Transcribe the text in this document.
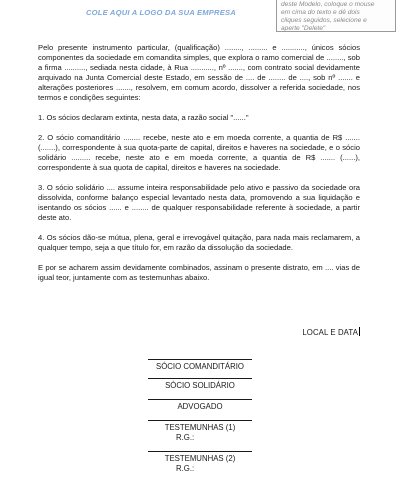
COLE AQUI A LOGO DA SUA EMPRESA
deste Modelo, coloque o mouse
em cima do texto e dê dois
cliques seguidos, selecione e
aperte "Delete"

Pelo presente instrumento particular, (qualificação) ........, ......... e ..........., únicos sócios componentes da sociedade em comandita simples, que explora o ramo comercial de ........, sob a firma .........., sediada nesta cidade, à Rua ..........., nº ......., com contrato social devidamente arquivado na Junta Comercial deste Estado, em sessão de .... de ........ de ...., sob nº ....... e alterações posteriores ......., resolvem, em comum acordo, dissolver a referida sociedade, nos termos e condições seguintes:

1. Os sócios declaram extinta, nesta data, a razão social "......"

2. O sócio comanditário ........ recebe, neste ato e em moeda corrente, a quantia de R$ ....... (.......), correspondente à sua quota-parte de capital, direitos e haveres na sociedade, e o sócio solidário ......... recebe, neste ato e em moeda corrente, a quantia de R$ ....... (......), correspondente à sua quota de capital, direitos e haveres na sociedade.

3. O sócio solidário .... assume inteira responsabilidade pelo ativo e passivo da sociedade ora dissolvida, conforme balanço especial levantado nesta data, promovendo a sua liquidação e isentando os sócios ...... e ........ de qualquer responsabilidade referente à sociedade, a partir deste ato.

4. Os sócios dão-se mútua, plena, geral e irrevogável quitação, para nada mais reclamarem, a qualquer tempo, seja a que título for, em razão da dissolução da sociedade.

E por se acharem assim devidamente combinados, assinam o presente distrato, em .... vias de igual teor, juntamente com as testemunhas abaixo.

LOCAL E DATA
SÓCIO COMANDITÁRIO
SÓCIO SOLIDÁRIO
ADVOGADO
TESTEMUNHAS (1)
R.G.:
TESTEMUNHAS (2)
R.G.:
